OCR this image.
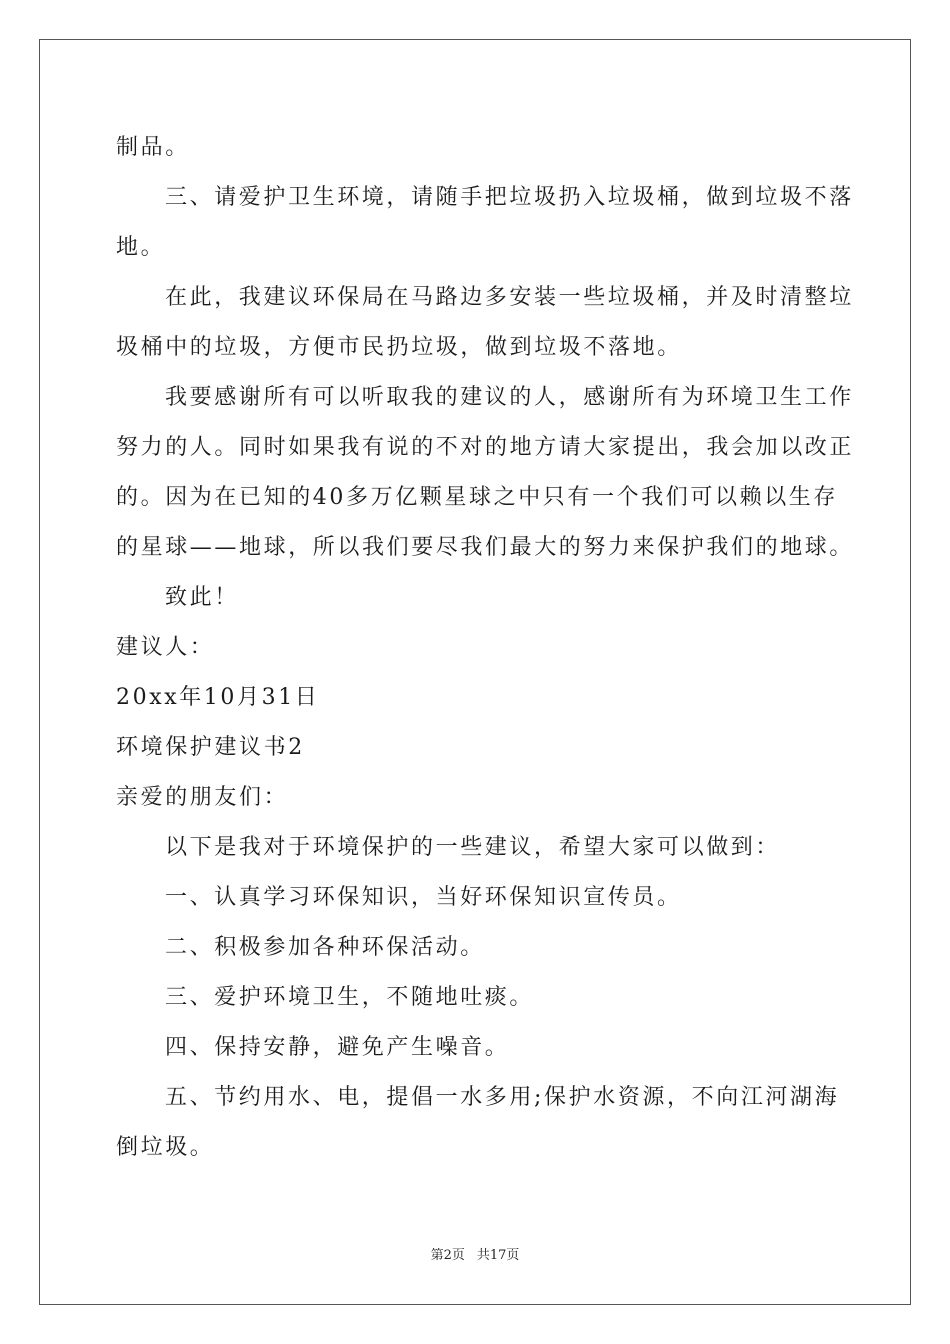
制品。
三、请爱护卫生环境，请随手把垃圾扔入垃圾桶，做到垃圾不落
地。
在此，我建议环保局在马路边多安装一些垃圾桶，并及时清整垃
圾桶中的垃圾，方便市民扔垃圾，做到垃圾不落地。
我要感谢所有可以听取我的建议的人，感谢所有为环境卫生工作
努力的人。同时如果我有说的不对的地方请大家提出，我会加以改正
的。因为在已知的40多万亿颗星球之中只有一个我们可以赖以生存
的星球——地球，所以我们要尽我们最大的努力来保护我们的地球。
致此！
建议人：
20xx年10月31日
环境保护建议书2
亲爱的朋友们：
以下是我对于环境保护的一些建议，希望大家可以做到：
一、认真学习环保知识，当好环保知识宣传员。
二、积极参加各种环保活动。
三、爱护环境卫生，不随地吐痰。
四、保持安静，避免产生噪音。
五、节约用水、电，提倡一水多用;保护水资源，不向江河湖海
倒垃圾。
第2页 共17页
